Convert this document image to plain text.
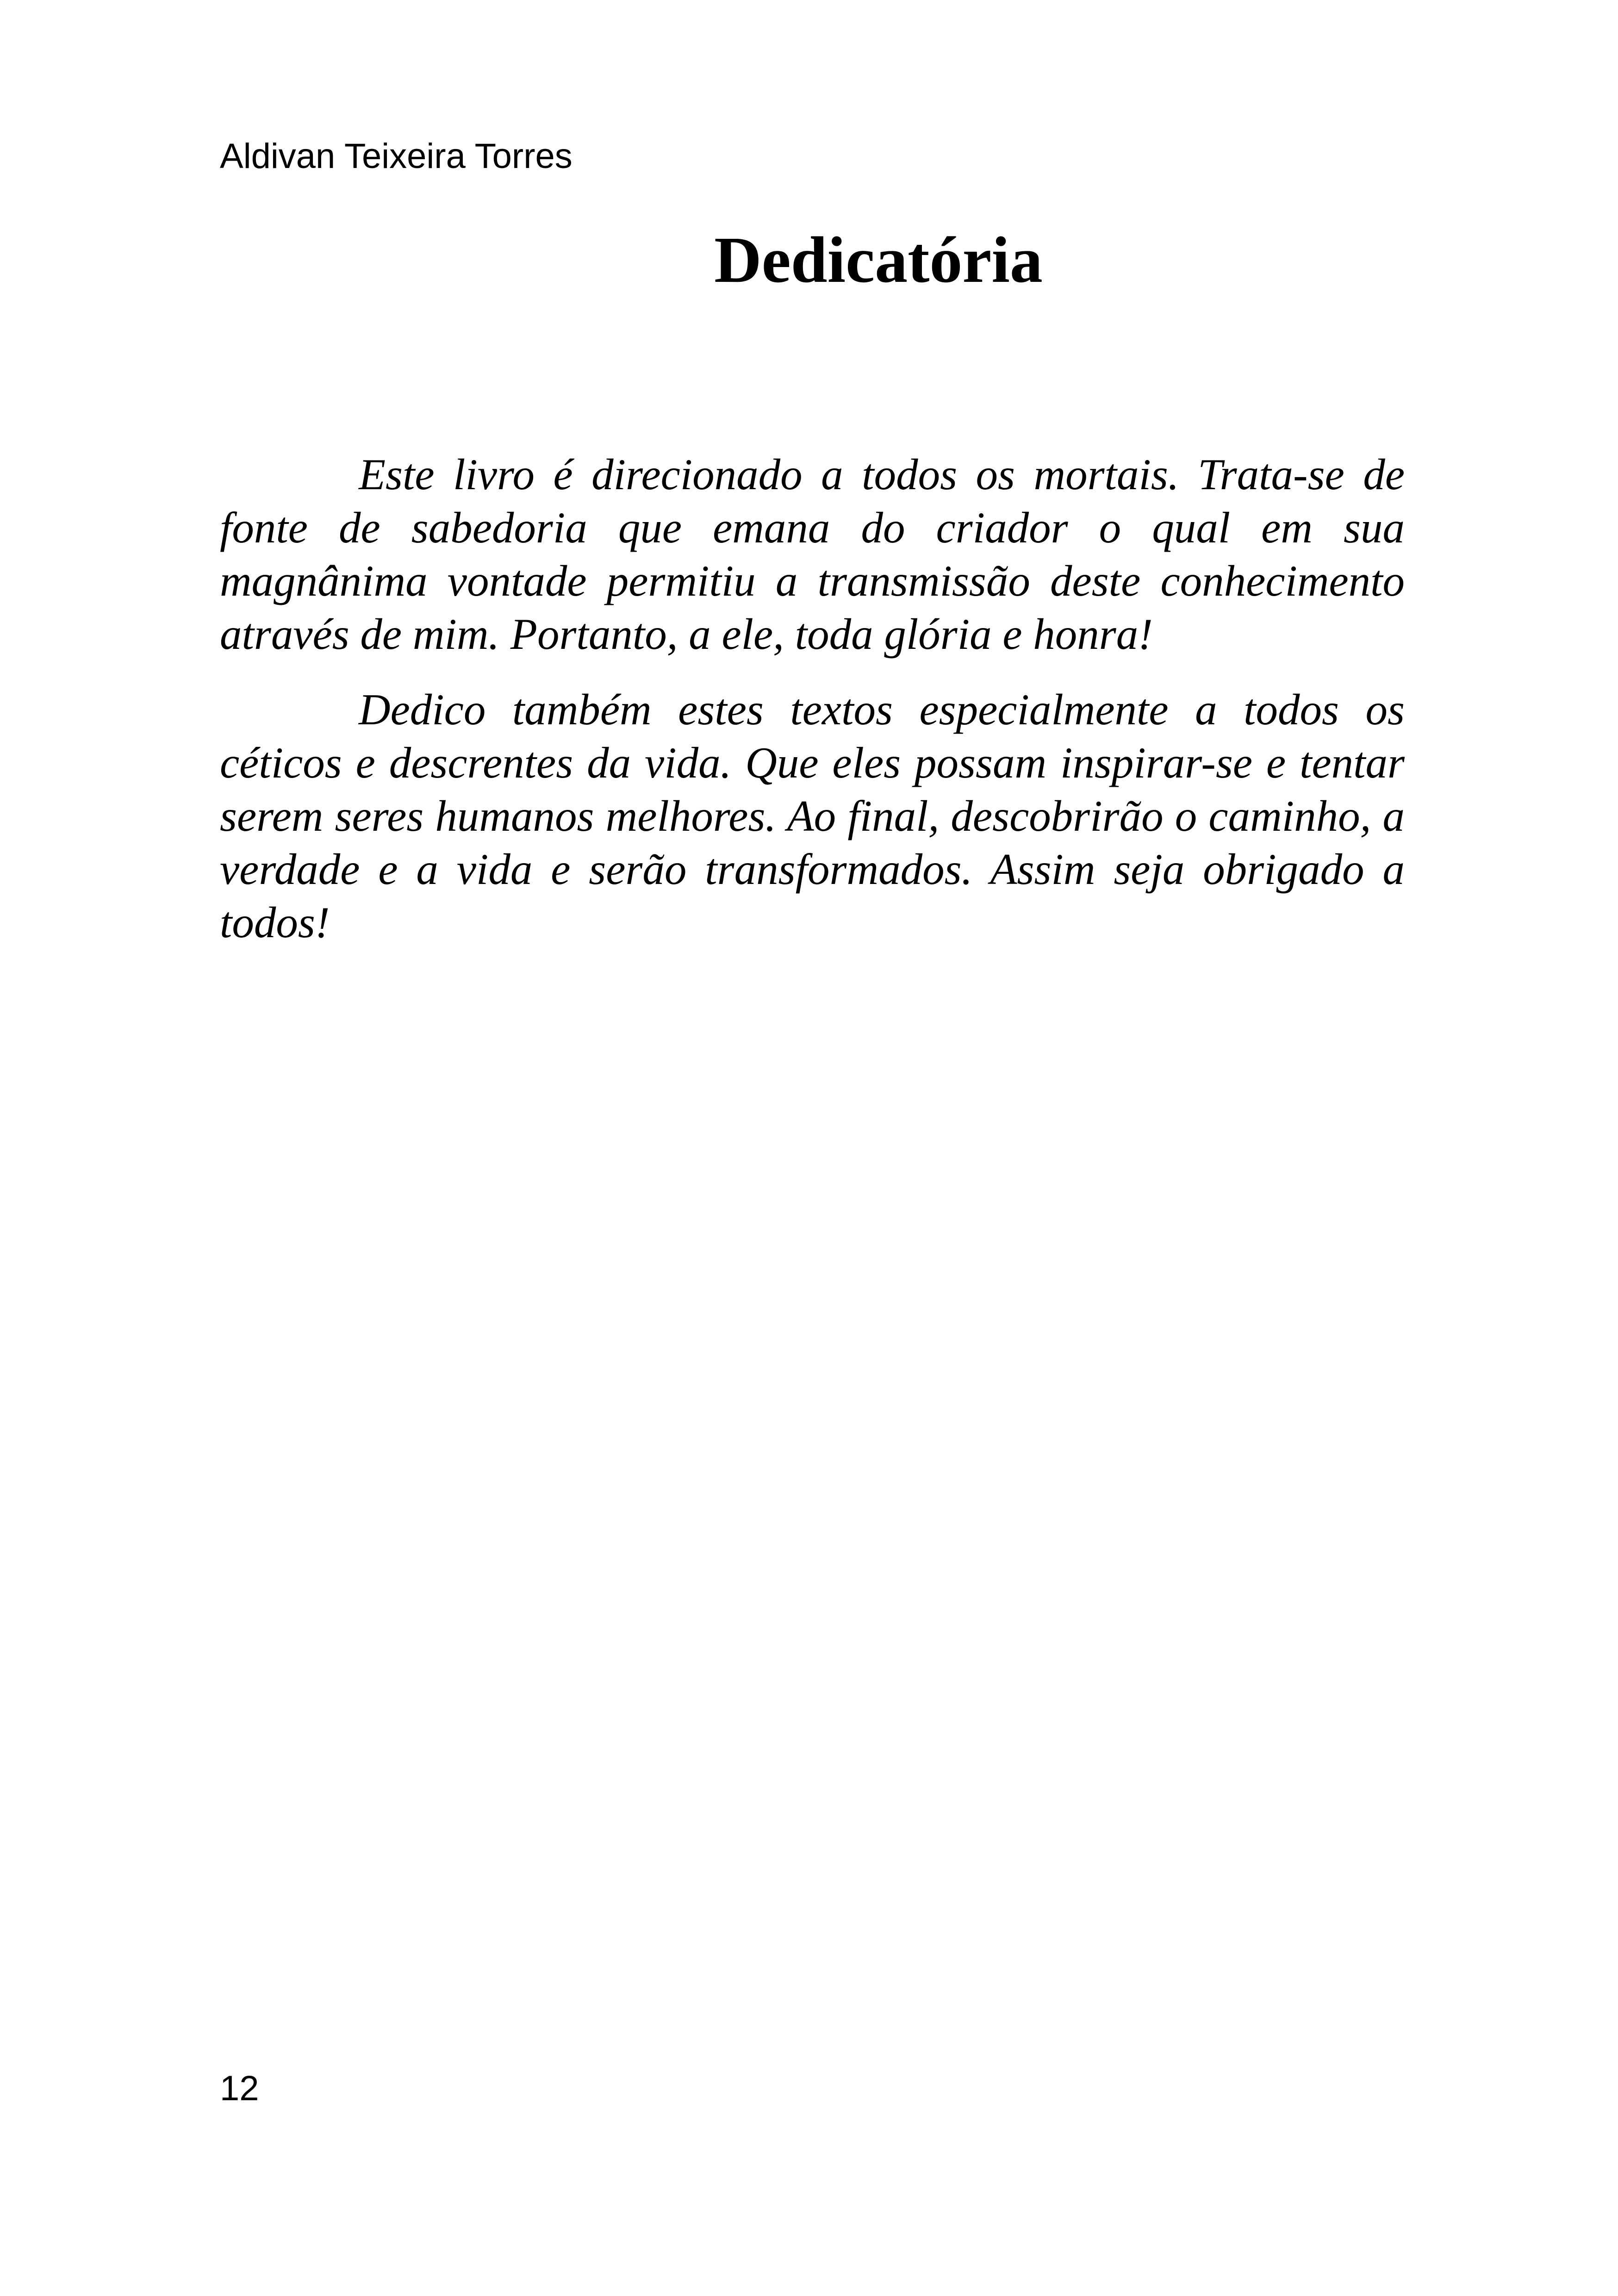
Aldivan Teixeira Torres
Dedicatória

Este livro é direcionado a todos os mortais. Trata-se de fonte de sabedoria que emana do criador o qual em sua magnânima vontade permitiu a transmissão deste conhecimento através de mim. Portanto, a ele, toda glória e honra!

Dedico também estes textos especialmente a todos os céticos e descrentes da vida. Que eles possam inspirar-se e tentar serem seres humanos melhores. Ao final, descobrirão o caminho, a verdade e a vida e serão transformados. Assim seja obrigado a todos!

12
